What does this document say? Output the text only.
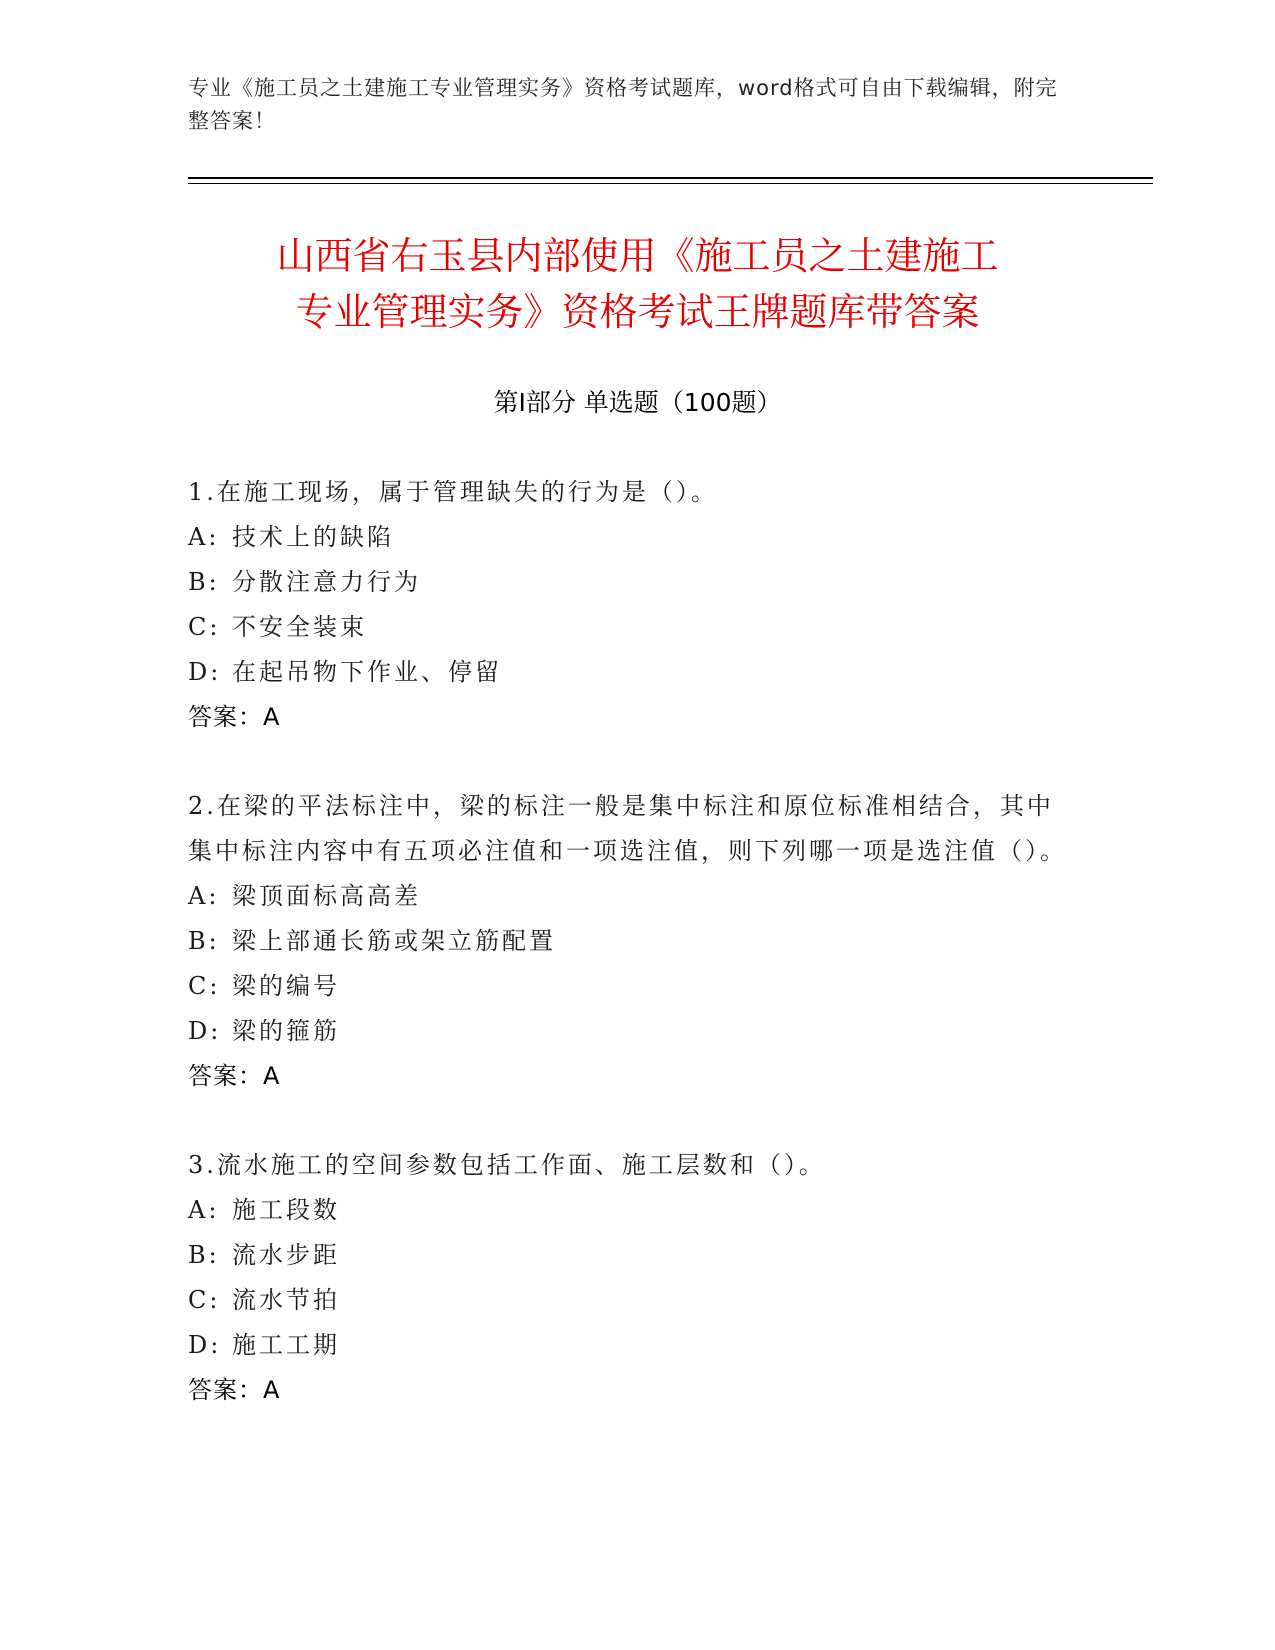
专业《施工员之土建施工专业管理实务》资格考试题库，word格式可自由下载编辑，附完整答案！
山西省右玉县内部使用《施工员之土建施工
专业管理实务》资格考试王牌题库带答案
第Ⅰ部分 单选题（100题）

1.在施工现场，属于管理缺失的行为是（）。

A: 技术上的缺陷

B: 分散注意力行为

C: 不安全装束

D: 在起吊物下作业、停留

答案：A

2.在梁的平法标注中，梁的标注一般是集中标注和原位标准相结合，其中集中标注内容中有五项必注值和一项选注值，则下列哪一项是选注值（）。

A: 梁顶面标高高差

B: 梁上部通长筋或架立筋配置

C: 梁的编号

D: 梁的箍筋

答案：A

3.流水施工的空间参数包括工作面、施工层数和（）。

A: 施工段数

B: 流水步距

C: 流水节拍

D: 施工工期

答案：A
